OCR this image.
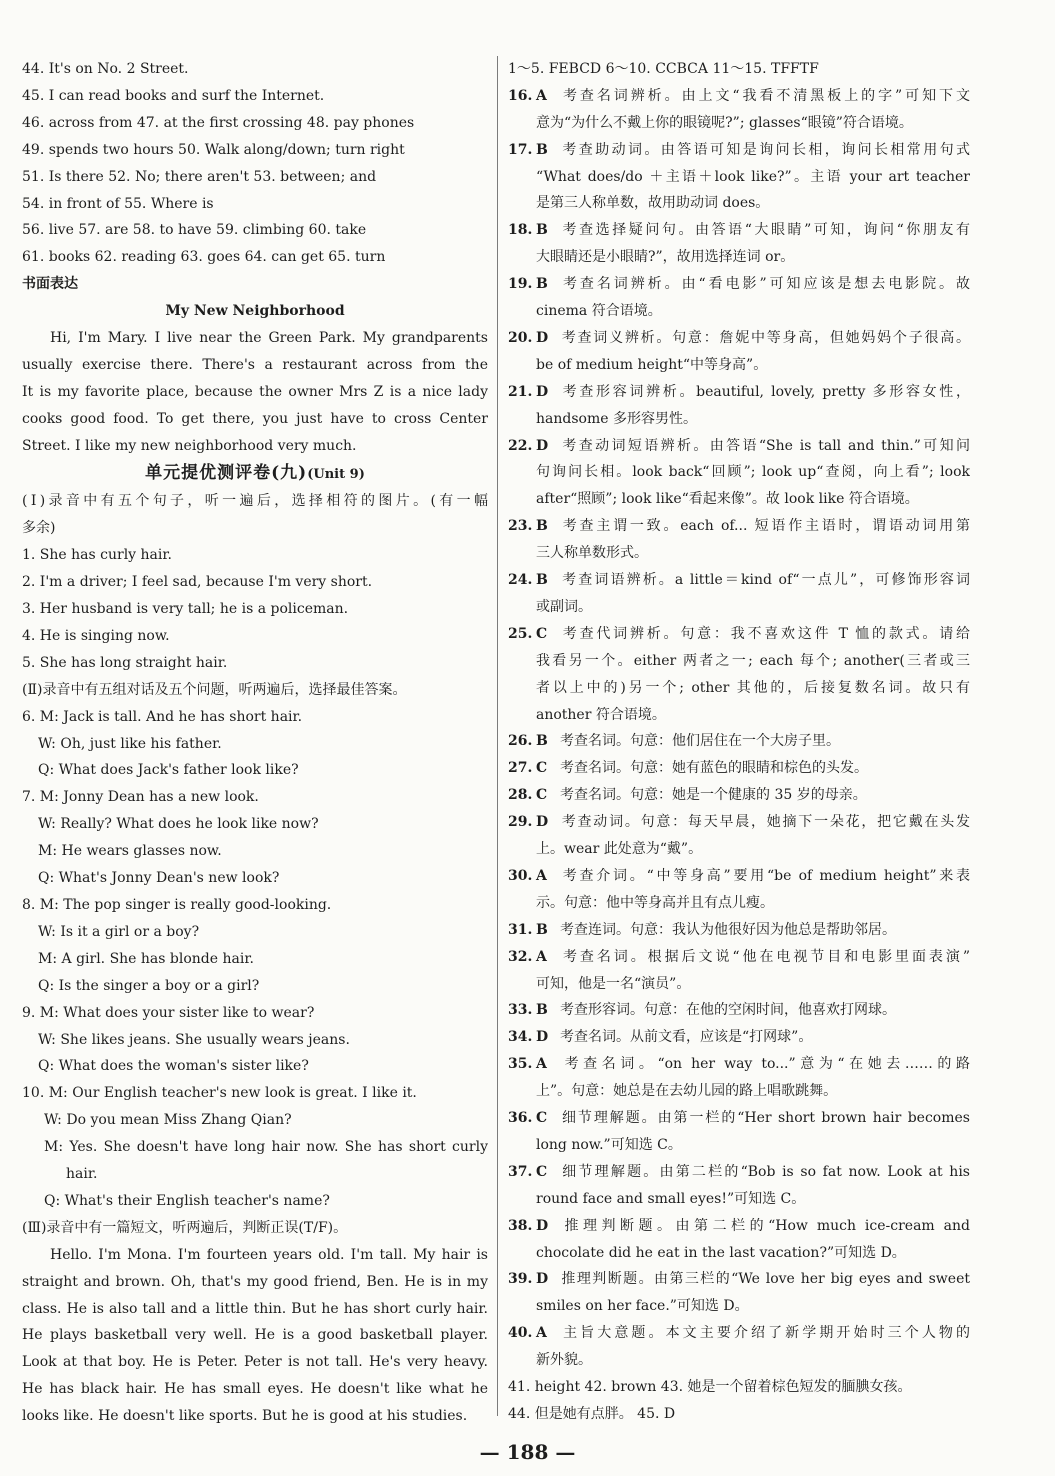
44. It's on No. 2 Street.
45. I can read books and surf the Internet.
46. across from 47. at the first crossing 48. pay phones
49. spends two hours 50. Walk along/down; turn right
51. Is there 52. No; there aren't 53. between; and
54. in front of 55. Where is
56. live 57. are 58. to have 59. climbing 60. take
61. books 62. reading 63. goes 64. can get 65. turn
书面表达
My New Neighborhood
Hi, I'm Mary. I live near the Green Park. My grandparents
usually exercise there. There's a restaurant across from the
It is my favorite place, because the owner Mrs Z is a nice lady
cooks good food. To get there, you just have to cross Center
Street. I like my new neighborhood very much.
单元提优测评卷(九)(Unit 9)
(Ⅰ)录音中有五个句子，听一遍后，选择相符的图片。(有一幅
多余)
1. She has curly hair.
2. I'm a driver; I feel sad, because I'm very short.
3. Her husband is very tall; he is a policeman.
4. He is singing now.
5. She has long straight hair.
(Ⅱ)录音中有五组对话及五个问题，听两遍后，选择最佳答案。
6. M: Jack is tall. And he has short hair.
W: Oh, just like his father.
Q: What does Jack's father look like?
7. M: Jonny Dean has a new look.
W: Really? What does he look like now?
M: He wears glasses now.
Q: What's Jonny Dean's new look?
8. M: The pop singer is really good-looking.
W: Is it a girl or a boy?
M: A girl. She has blonde hair.
Q: Is the singer a boy or a girl?
9. M: What does your sister like to wear?
W: She likes jeans. She usually wears jeans.
Q: What does the woman's sister like?
10. M: Our English teacher's new look is great. I like it.
W: Do you mean Miss Zhang Qian?
M: Yes. She doesn't have long hair now. She has short curly
hair.
Q: What's their English teacher's name?
(Ⅲ)录音中有一篇短文，听两遍后，判断正误(T/F)。
Hello. I'm Mona. I'm fourteen years old. I'm tall. My hair is
straight and brown. Oh, that's my good friend, Ben. He is in my
class. He is also tall and a little thin. But he has short curly hair.
He plays basketball very well. He is a good basketball player.
Look at that boy. He is Peter. Peter is not tall. He's very heavy.
He has black hair. He has small eyes. He doesn't like what he
looks like. He doesn't like sports. But he is good at his studies.
1～5. FEBCD 6～10. CCBCA 11～15. TFFTF
16. A 考查名词辨析。由上文“我看不清黑板上的字”可知下文
意为“为什么不戴上你的眼镜呢?”; glasses“眼镜”符合语境。
17. B 考查助动词。由答语可知是询问长相，询问长相常用句式
“What does/do ＋主语＋look like?”。主语 your art teacher
是第三人称单数，故用助动词 does。
18. B 考查选择疑问句。由答语“大眼睛”可知，询问“你朋友有
大眼睛还是小眼睛?”，故用选择连词 or。
19. B 考查名词辨析。由“看电影”可知应该是想去电影院。故
cinema 符合语境。
20. D 考查词义辨析。句意：詹妮中等身高，但她妈妈个子很高。
be of medium height“中等身高”。
21. D 考查形容词辨析。beautiful, lovely, pretty 多形容女性，
handsome 多形容男性。
22. D 考查动词短语辨析。由答语“She is tall and thin.”可知问
句询问长相。look back“回顾”; look up“查阅，向上看”; look
after“照顾”; look like“看起来像”。故 look like 符合语境。
23. B 考查主谓一致。each of... 短语作主语时，谓语动词用第
三人称单数形式。
24. B 考查词语辨析。a little＝kind of“一点儿”，可修饰形容词
或副词。
25. C 考查代词辨析。句意：我不喜欢这件 T 恤的款式。请给
我看另一个。either 两者之一; each 每个; another(三者或三
者以上中的)另一个; other 其他的，后接复数名词。故只有
another 符合语境。
26. B 考查名词。句意：他们居住在一个大房子里。
27. C 考查名词。句意：她有蓝色的眼睛和棕色的头发。
28. C 考查名词。句意：她是一个健康的 35 岁的母亲。
29. D 考查动词。句意：每天早晨，她摘下一朵花，把它戴在头发
上。wear 此处意为“戴”。
30. A 考查介词。“中等身高”要用“be of medium height”来表
示。句意：他中等身高并且有点儿瘦。
31. B 考查连词。句意：我认为他很好因为他总是帮助邻居。
32. A 考查名词。根据后文说“他在电视节目和电影里面表演”
可知，他是一名“演员”。
33. B 考查形容词。句意：在他的空闲时间，他喜欢打网球。
34. D 考查名词。从前文看，应该是“打网球”。
35. A 考查名词。“on her way to...”意为“在她去……的路
上”。句意：她总是在去幼儿园的路上唱歌跳舞。
36. C 细节理解题。由第一栏的“Her short brown hair becomes
long now.”可知选 C。
37. C 细节理解题。由第二栏的“Bob is so fat now. Look at his
round face and small eyes!”可知选 C。
38. D 推理判断题。由第二栏的“How much ice-cream and
chocolate did he eat in the last vacation?”可知选 D。
39. D 推理判断题。由第三栏的“We love her big eyes and sweet
smiles on her face.”可知选 D。
40. A 主旨大意题。本文主要介绍了新学期开始时三个人物的
新外貌。
41. height 42. brown 43. 她是一个留着棕色短发的腼腆女孩。
44. 但是她有点胖。 45. D
— 188 —
